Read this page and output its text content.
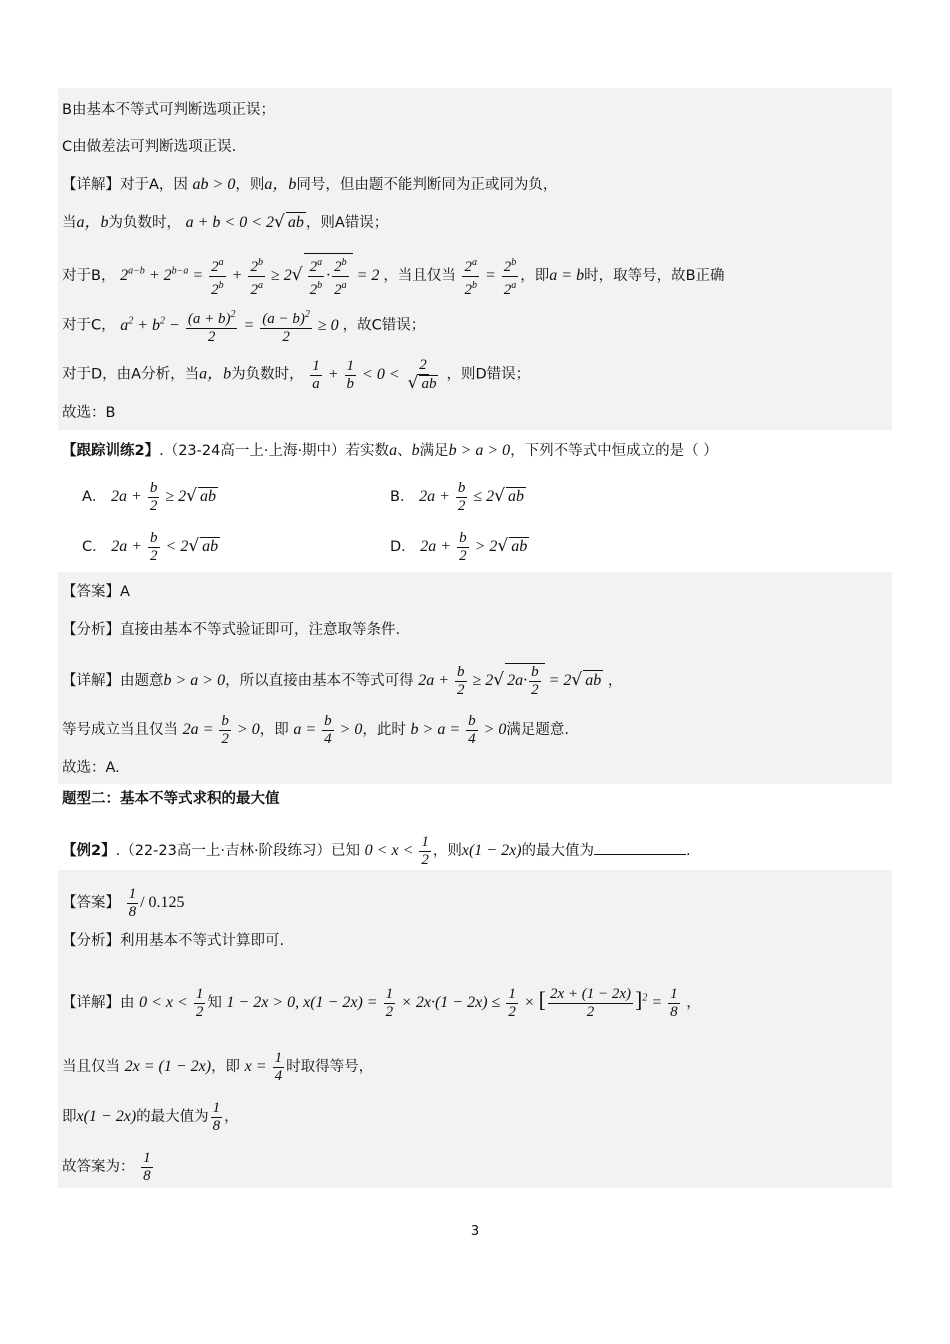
B由基本不等式可判断选项正误；
C由做差法可判断选项正误.
【详解】对于A，因 ab > 0，则a，b同号，但由题不能判断同为正或同为负，
当a，b为负数时， a + b < 0 < 2√ ab ，则A错误；
对于B， $2^{a-b} + 2^{b-a} = \frac{2^a}{2^b} + \frac{2^b}{2^a} \ge 2√ \frac{2^a}{2^b} \cdot \frac{2^b}{2^a} = 2$ ，当且仅当 $\frac{2^a}{2^b} = \frac{2^b}{2^a}$ ，即a = b时，取等号，故B正确
对于C， $a^2 + b^2 - \frac{(a + b)^2}{2} = \frac{(a - b)^2}{2} \ge 0$ ，故C错误；
对于D，由A分析，当a，b为负数时， $\frac{1}{a} + \frac{1}{b} < 0 < \frac{2}{√ ab}$ ，则D错误；
故选：B
【跟踪训练2】.（23-24高一上·上海·期中）若实数a、b满足b > a > 0，下列不等式中恒成立的是（ ）
A． $2a + \frac{b}{2} \ge 2√$ ab	B． $2a + \frac{b}{2} \le 2√$ ab
C． $2a + \frac{b}{2} < 2√$ ab	D． $2a + \frac{b}{2} > 2√$ ab
【答案】A
【分析】直接由基本不等式验证即可，注意取等条件.
【详解】由题意b > a > 0，所以直接由基本不等式可得 $2a + \frac{b}{2} \ge 2√$ $2a\cdot \frac{b}{2} = 2√$ ab ，
等号成立当且仅当 $2a = \frac{b}{2} > 0$，即 $a = \frac{b}{4} > 0$，此时 $b > a = \frac{b}{4} > 0$满足题意.
故选：A.
题型二：基本不等式求积的最大值
【例2】.（22-23高一上·吉林·阶段练习）已知 $0 < x < \frac{1}{2}$ ，则x(1 − 2x)的最大值为	.
【答案】 $\frac{1}{8} / 0.125$
【分析】利用基本不等式计算即可.
【详解】由 $0 < x < \frac{1}{2}$ 知 1 − 2x > 0, $x(1 - 2x) = \frac{1}{2} \times 2x\cdot(1 - 2x) \le \frac{1}{2}$ × [ $\frac{2x + (1 - 2x)}{2} ]^2 = \frac{1}{8}$ ，
当且仅当 2x = (1 − 2x)，即 $x = \frac{1}{4}$ 时取得等号，
即x(1 − 2x)的最大值为 $\frac{1}{8}$ ，
故答案为： $\frac{1}{8}$
3
